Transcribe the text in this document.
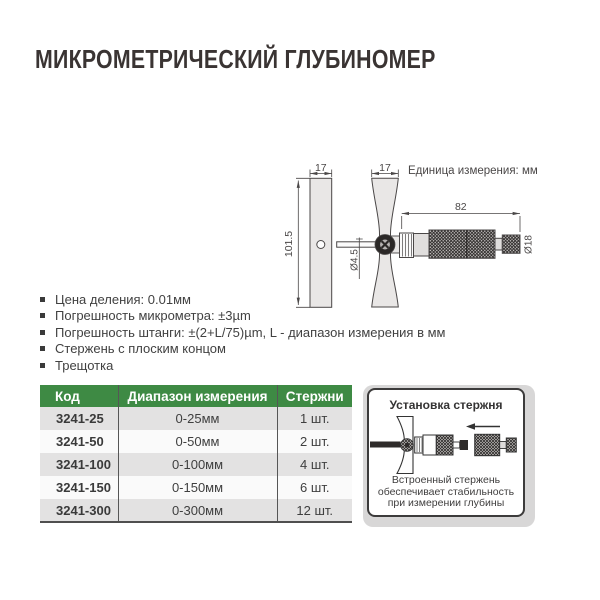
МИКРОМЕТРИЧЕСКИЙ ГЛУБИНОМЕР
17
101.5
Ø4.5
17
82
Ø18
Единица измерения: мм
Цена деления: 0.01мм
Погрешность микрометра: ±3µm
Погрешность штанги: ±(2+L/75)µm, L - диапазон измерения в мм
Стержень с плоским концом
Трещотка
Код	Диапазон измерения	Стержни
3241-25	0-25мм	1 шт.
3241-50	0-50мм	2 шт.
3241-100	0-100мм	4 шт.
3241-150	0-150мм	6 шт.
3241-300	0-300мм	12 шт.
Установка стержня
Встроенный стержень
обеспечивает стабильность
при измерении глубины
